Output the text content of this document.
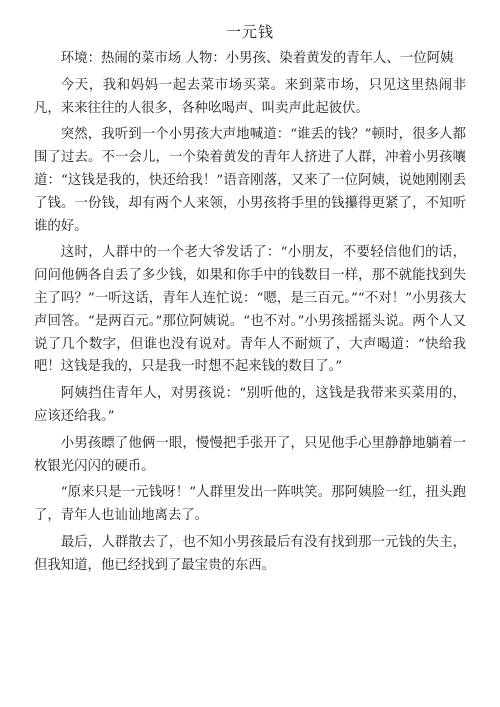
一元钱

环境：热闹的菜市场 人物：小男孩、染着黄发的青年人、一位阿姨

今天，我和妈妈一起去菜市场买菜。来到菜市场，只见这里热闹非凡，来来往往的人很多，各种吆喝声、叫卖声此起彼伏。

突然，我听到一个小男孩大声地喊道：“谁丢的钱？”顿时，很多人都围了过去。不一会儿，一个染着黄发的青年人挤进了人群，冲着小男孩嚷道：“这钱是我的，快还给我！”语音刚落，又来了一位阿姨，说她刚刚丢了钱。一份钱，却有两个人来领，小男孩将手里的钱攥得更紧了，不知听谁的好。

这时，人群中的一个老大爷发话了：“小朋友，不要轻信他们的话，问问他俩各自丢了多少钱，如果和你手中的钱数目一样，那不就能找到失主了吗？”一听这话，青年人连忙说：“嗯，是三百元。”“不对！”小男孩大声回答。“是两百元。”那位阿姨说。“也不对。”小男孩摇摇头说。两个人又说了几个数字，但谁也没有说对。青年人不耐烦了，大声喝道：“快给我吧！这钱是我的，只是我一时想不起来钱的数目了。”

阿姨挡住青年人，对男孩说：“别听他的，这钱是我带来买菜用的，应该还给我。”

小男孩瞟了他俩一眼，慢慢把手张开了，只见他手心里静静地躺着一枚银光闪闪的硬币。

“原来只是一元钱呀！”人群里发出一阵哄笑。那阿姨脸一红，扭头跑了，青年人也讪讪地离去了。

最后，人群散去了，也不知小男孩最后有没有找到那一元钱的失主，但我知道，他已经找到了最宝贵的东西。
